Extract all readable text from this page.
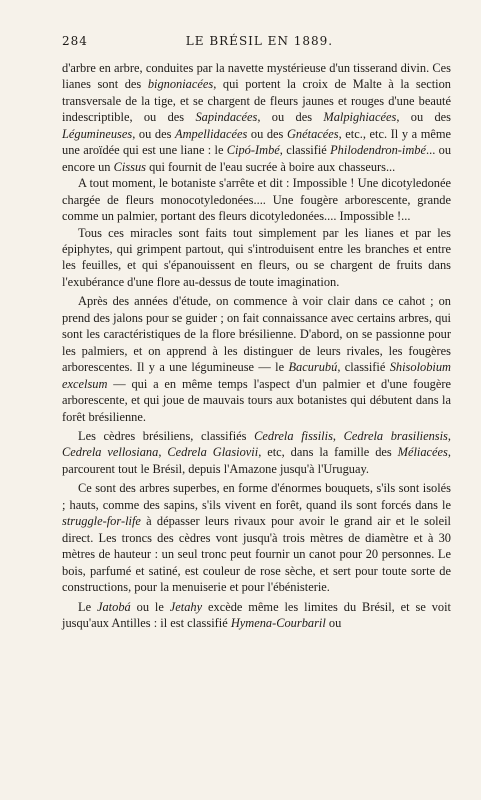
284	LE BRÉSIL EN 1889.

d'arbre en arbre, conduites par la navette mystérieuse d'un tisserand divin. Ces lianes sont des bignoniacées, qui portent la croix de Malte à la section transversale de la tige, et se chargent de fleurs jaunes et rouges d'une beauté indescriptible, ou des Sapindacées, ou des Malpighiacées, ou des Légumineuses, ou des Ampellidacées ou des Gnétacées, etc., etc. Il y a même une aroïdée qui est une liane : le Cipó-Imbé, classifié Philodendron-imbé... ou encore un Cissus qui fournit de l'eau sucrée à boire aux chasseurs...

A tout moment, le botaniste s'arrête et dit : Impossible ! Une dicotyledonée chargée de fleurs monocotyledonées.... Une fougère arborescente, grande comme un palmier, portant des fleurs dicotyledonées.... Impossible !...

Tous ces miracles sont faits tout simplement par les lianes et par les épiphytes, qui grimpent partout, qui s'introduisent entre les branches et entre les feuilles, et qui s'épanouissent en fleurs, ou se chargent de fruits dans l'exubérance d'une flore au-dessus de toute imagination.

Après des années d'étude, on commence à voir clair dans ce cahot ; on prend des jalons pour se guider ; on fait connaissance avec certains arbres, qui sont les caractéristiques de la flore brésilienne. D'abord, on se passionne pour les palmiers, et on apprend à les distinguer de leurs rivales, les fougères arborescentes. Il y a une légumineuse — le Bacurubú, classifié Shisolobium excelsum — qui a en même temps l'aspect d'un palmier et d'une fougère arborescente, et qui joue de mauvais tours aux botanistes qui débutent dans la forêt brésilienne.

Les cèdres brésiliens, classifiés Cedrela fissilis, Cedrela brasiliensis, Cedrela vellosiana, Cedrela Glasiovii, etc, dans la famille des Méliacées, parcourent tout le Brésil, depuis l'Amazone jusqu'à l'Uruguay.

Ce sont des arbres superbes, en forme d'énormes bouquets, s'ils sont isolés ; hauts, comme des sapins, s'ils vivent en forêt, quand ils sont forcés dans le struggle-for-life à dépasser leurs rivaux pour avoir le grand air et le soleil direct. Les troncs des cèdres vont jusqu'à trois mètres de diamètre et à 30 mètres de hauteur : un seul tronc peut fournir un canot pour 20 personnes. Le bois, parfumé et satiné, est couleur de rose sèche, et sert pour toute sorte de constructions, pour la menuiserie et pour l'ébénisterie.

Le Jatobá ou le Jetahy excède même les limites du Brésil, et se voit jusqu'aux Antilles : il est classifié Hymena-Courbaril ou
